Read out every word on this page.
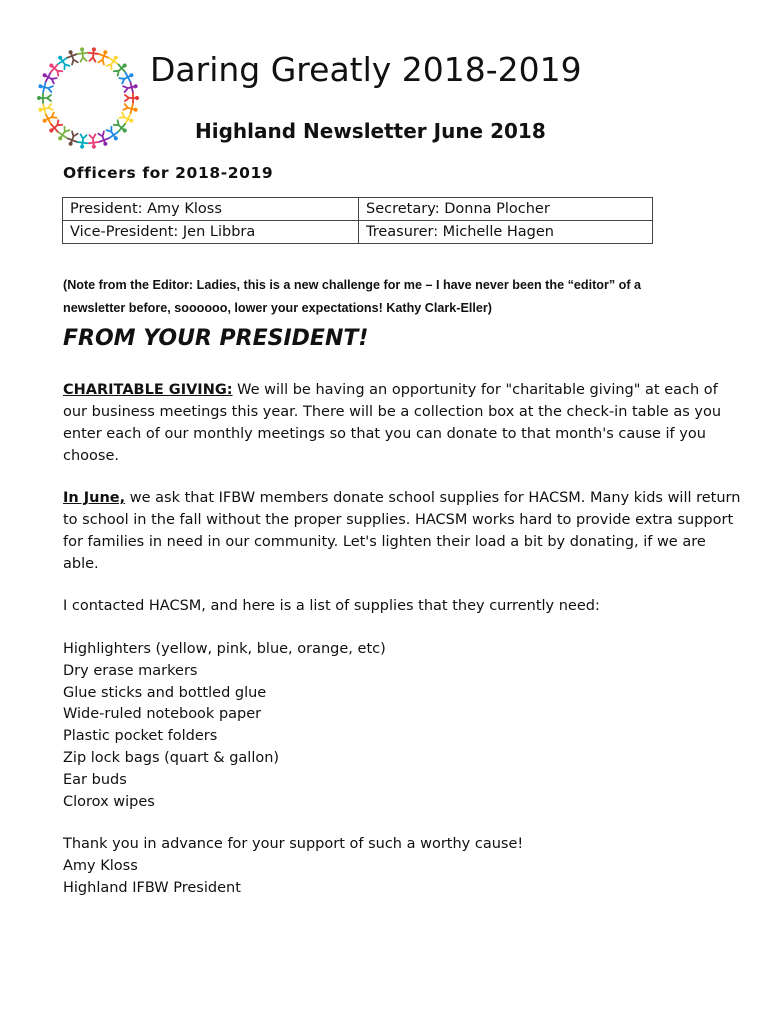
Daring Greatly 2018-2019
Highland Newsletter June 2018
Officers for 2018-2019
President: Amy Kloss	Secretary: Donna Plocher
Vice-President: Jen Libbra	Treasurer: Michelle Hagen
(Note from the Editor: Ladies, this is a new challenge for me – I have never been the “editor” of a newsletter before, soooooo, lower your expectations! Kathy Clark-Eller)
FROM YOUR PRESIDENT!
CHARITABLE GIVING: We will be having an opportunity for "charitable giving" at each of our business meetings this year. There will be a collection box at the check-in table as you enter each of our monthly meetings so that you can donate to that month's cause if you choose.
In June, we ask that IFBW members donate school supplies for HACSM. Many kids will return to school in the fall without the proper supplies. HACSM works hard to provide extra support for families in need in our community. Let's lighten their load a bit by donating, if we are able.
I contacted HACSM, and here is a list of supplies that they currently need:
Highlighters (yellow, pink, blue, orange, etc)
Dry erase markers
Glue sticks and bottled glue
Wide-ruled notebook paper
Plastic pocket folders
Zip lock bags (quart & gallon)
Ear buds
Clorox wipes
Thank you in advance for your support of such a worthy cause!
Amy Kloss
Highland IFBW President
